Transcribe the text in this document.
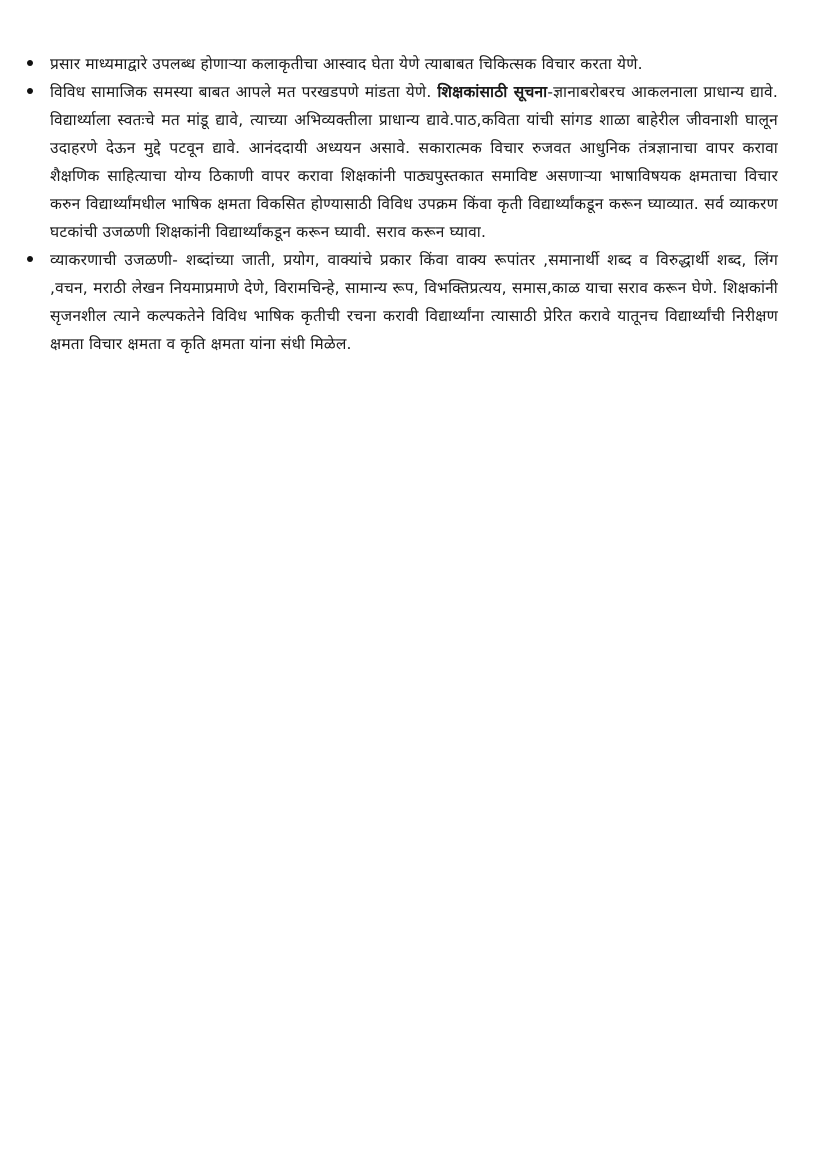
प्रसार माध्यमाद्वारे उपलब्ध होणाऱ्या कलाकृतीचा आस्वाद घेता येणे त्याबाबत चिकित्सक विचार करता येणे.
विविध सामाजिक समस्या बाबत आपले मत परखडपणे मांडता येणे. शिक्षकांसाठी सूचना-ज्ञानाबरोबरच आकलनाला प्राधान्य द्यावे. विद्यार्थ्याला स्वतःचे मत मांडू द्यावे, त्याच्या अभिव्यक्तीला प्राधान्य द्यावे.पाठ,कविता यांची सांगड शाळा बाहेरील जीवनाशी घालून उदाहरणे देऊन मुद्दे पटवून द्यावे. आनंददायी अध्ययन असावे. सकारात्मक विचार रुजवत आधुनिक तंत्रज्ञानाचा वापर करावा शैक्षणिक साहित्याचा योग्य ठिकाणी वापर करावा शिक्षकांनी पाठ्यपुस्तकात समाविष्ट असणाऱ्या भाषाविषयक क्षमताचा विचार करुन विद्यार्थ्यांमधील भाषिक क्षमता विकसित होण्यासाठी विविध उपक्रम किंवा कृती विद्यार्थ्यांकडून करून घ्याव्यात. सर्व व्याकरण घटकांची उजळणी शिक्षकांनी विद्यार्थ्यांकडून करून घ्यावी. सराव करून घ्यावा.
व्याकरणाची उजळणी- शब्दांच्या जाती, प्रयोग, वाक्यांचे प्रकार किंवा वाक्य रूपांतर ,समानार्थी शब्द व विरुद्धार्थी शब्द, लिंग ,वचन, मराठी लेखन नियमाप्रमाणे देणे, विरामचिन्हे, सामान्य रूप, विभक्तिप्रत्यय, समास,काळ याचा सराव करून घेणे. शिक्षकांनी सृजनशील त्याने कल्पकतेने विविध भाषिक कृतीची रचना करावी विद्यार्थ्यांना त्यासाठी प्रेरित करावे यातूनच विद्यार्थ्यांची निरीक्षण क्षमता विचार क्षमता व कृति क्षमता यांना संधी मिळेल.
